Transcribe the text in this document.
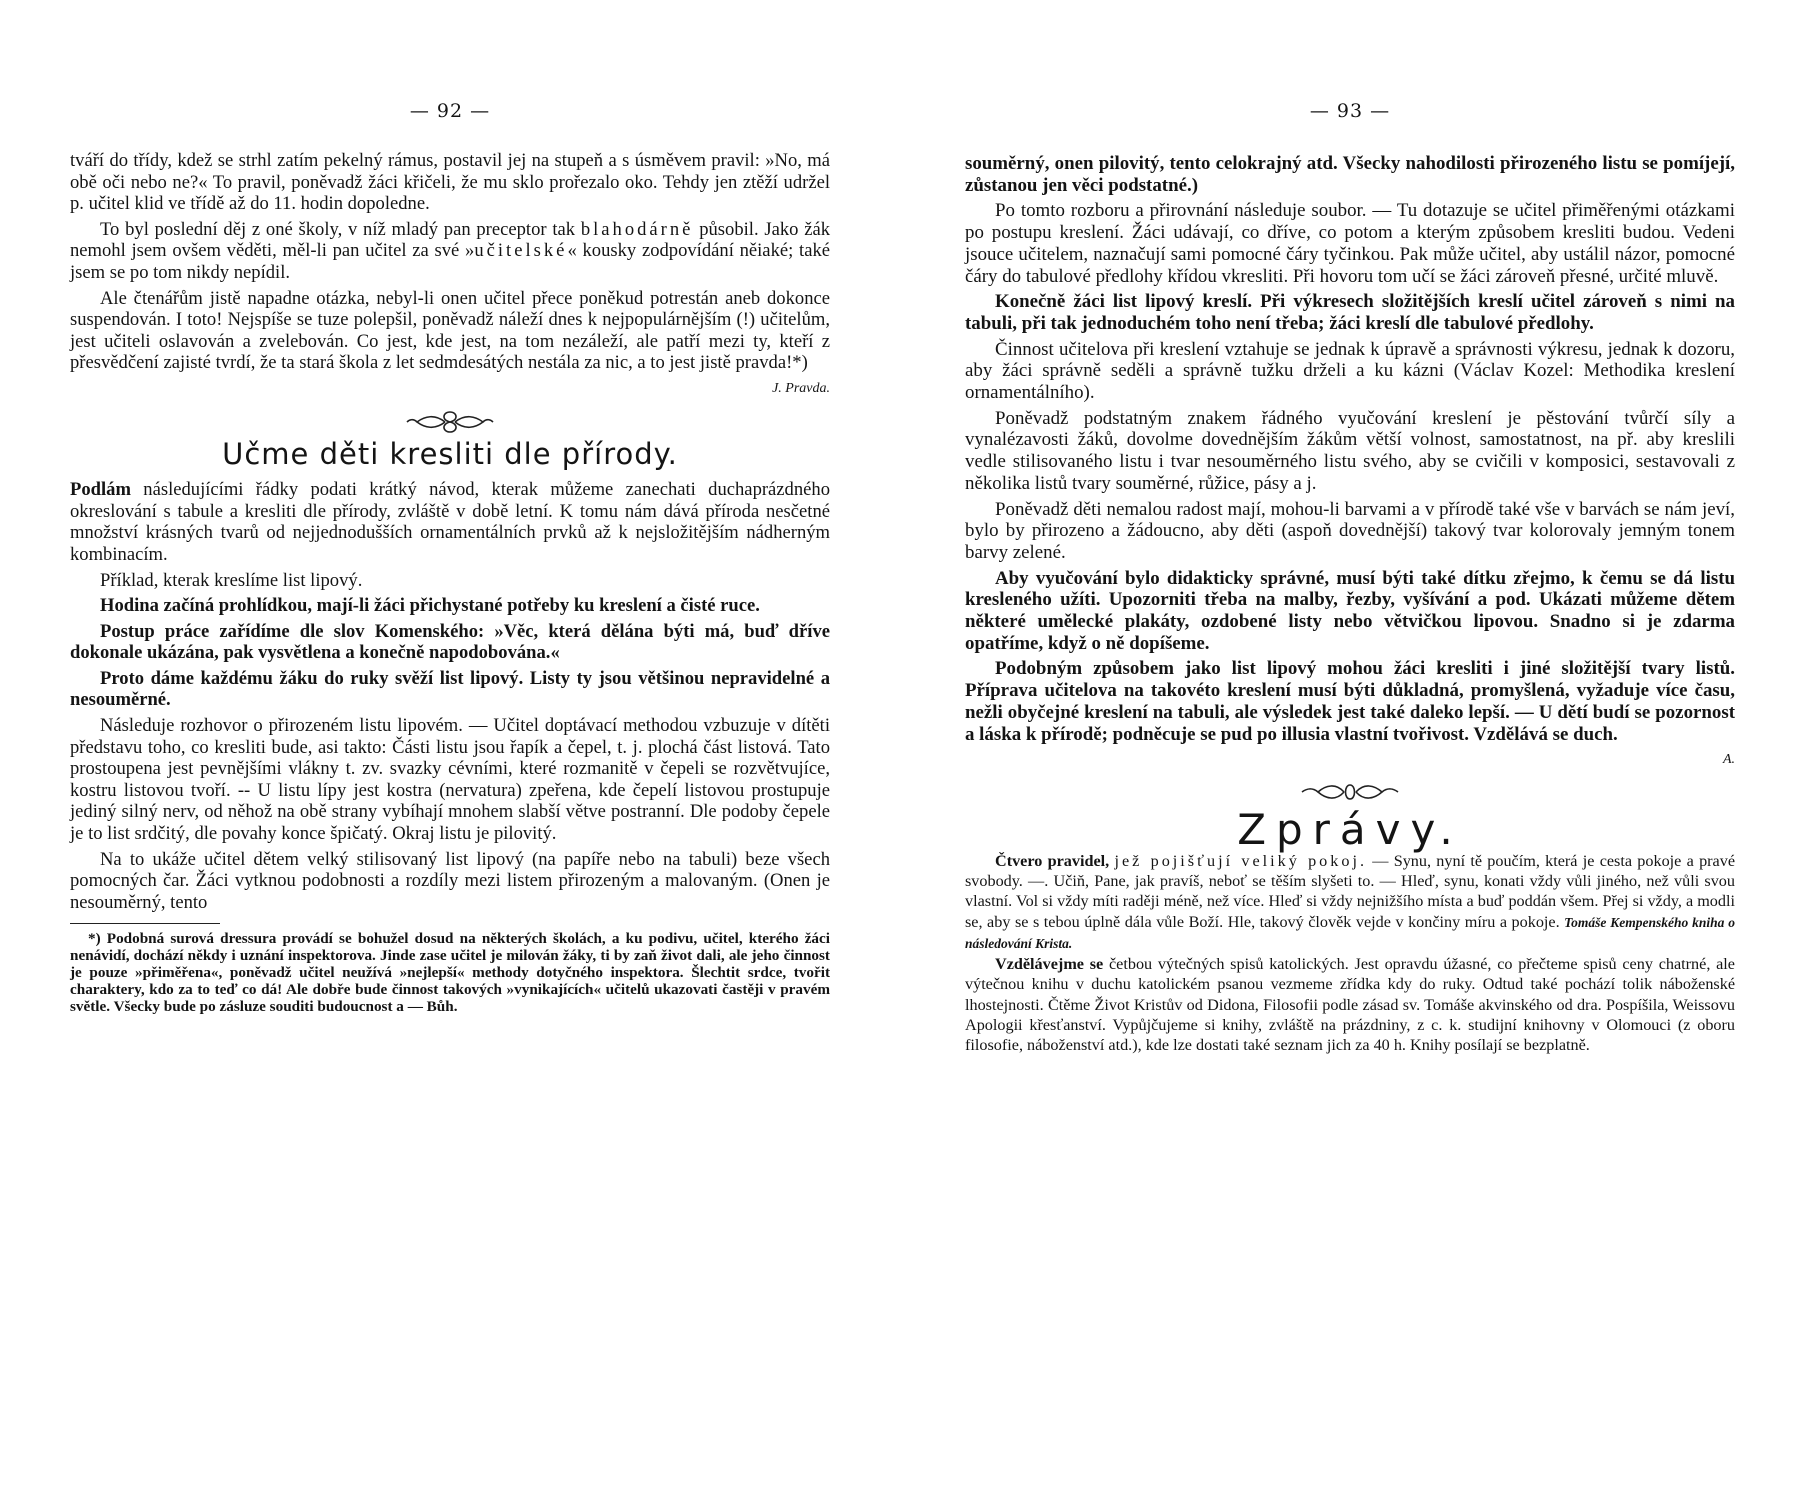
— 92 —

tváří do třídy, kdež se strhl zatím pekelný rámus, postavil jej na stupeň a s úsměvem pravil: »No, má obě oči nebo ne?« To pravil, poněvadž žáci křičeli, že mu sklo prořezalo oko. Tehdy jen ztěží udržel p. učitel klid ve třídě až do 11. hodin dopoledne.

To byl poslední děj z oné školy, v níž mladý pan preceptor tak blahodárně působil. Jako žák nemohl jsem ovšem věděti, měl-li pan učitel za své »učitelské« kousky zodpovídání něiaké; také jsem se po tom nikdy nepídil.

Ale čtenářům jistě napadne otázka, nebyl-li onen učitel přece poněkud potrestán aneb dokonce suspendován. I toto! Nejspíše se tuze polepšil, poněvadž náleží dnes k nejpopulárnějším (!) učitelům, jest učiteli oslavován a zvelebován. Co jest, kde jest, na tom nezáleží, ale patří mezi ty, kteří z přesvědčení zajisté tvrdí, že ta stará škola z let sedmdesátých nestála za nic, a to jest jistě pravda!*)

J. Pravda.
Učme děti kresliti dle přírody.

Podlám následujícími řádky podati krátký návod, kterak můžeme zanechati duchaprázdného okreslování s tabule a kresliti dle přírody, zvláště v době letní. K tomu nám dává příroda nesčetné množství krásných tvarů od nejjednodušších ornamentálních prvků až k nejsložitějším nádherným kombinacím.

Příklad, kterak kreslíme list lipový.

Hodina začíná prohlídkou, mají-li žáci přichystané potřeby ku kreslení a čisté ruce.

Postup práce zařídíme dle slov Komenského: »Věc, která dělána býti má, buď dříve dokonale ukázána, pak vysvětlena a konečně napodobována.«

Proto dáme každému žáku do ruky svěží list lipový. Listy ty jsou většinou nepravidelné a nesouměrné.

Následuje rozhovor o přirozeném listu lipovém. — Učitel doptávací methodou vzbuzuje v dítěti představu toho, co kresliti bude, asi takto: Části listu jsou řapík a čepel, t. j. plochá část listová. Tato prostoupena jest pevnějšími vlákny t. zv. svazky cévními, které rozmanitě v čepeli se rozvětvujíce, kostru listovou tvoří. -- U listu lípy jest kostra (nervatura) zpeřena, kde čepelí listovou prostupuje jediný silný nerv, od něhož na obě strany vybíhají mnohem slabší větve postranní. Dle podoby čepele je to list srdčitý, dle povahy konce špičatý. Okraj listu je pilovitý.

Na to ukáže učitel dětem velký stilisovaný list lipový (na papíře nebo na tabuli) beze všech pomocných čar. Žáci vytknou podobnosti a rozdíly mezi listem přirozeným a malovaným. (Onen je nesouměrný, tento

*) Podobná surová dressura provádí se bohužel dosud na některých školách, a ku podivu, učitel, kterého žáci nenávidí, dochází někdy i uznání inspektorova. Jinde zase učitel je milován žáky, ti by zaň život dali, ale jeho činnost je pouze »přiměřena«, poněvadž učitel neužívá »nejlepší« methody dotyčného inspektora. Šlechtit srdce, tvořit charaktery, kdo za to teď co dá! Ale dobře bude činnost takových »vynikajících« učitelů ukazovati častěji v pravém světle. Všecky bude po zásluze souditi budoucnost a — Bůh.

— 93 —

souměrný, onen pilovitý, tento celokrajný atd. Všecky nahodilosti přirozeného listu se pomíjejí, zůstanou jen věci podstatné.)

Po tomto rozboru a přirovnání následuje soubor. — Tu dotazuje se učitel přiměřenými otázkami po postupu kreslení. Žáci udávají, co dříve, co potom a kterým způsobem kresliti budou. Vedeni jsouce učitelem, naznačují sami pomocné čáry tyčinkou. Pak může učitel, aby ustálil názor, pomocné čáry do tabulové předlohy křídou vkresliti. Při hovoru tom učí se žáci zároveň přesné, určité mluvě.

Konečně žáci list lipový kreslí. Při výkresech složitějších kreslí učitel zároveň s nimi na tabuli, při tak jednoduchém toho není třeba; žáci kreslí dle tabulové předlohy.

Činnost učitelova při kreslení vztahuje se jednak k úpravě a správnosti výkresu, jednak k dozoru, aby žáci správně seděli a správně tužku drželi a ku kázni (Václav Kozel: Methodika kreslení ornamentálního).

Poněvadž podstatným znakem řádného vyučování kreslení je pěstování tvůrčí síly a vynalézavosti žáků, dovolme dovednějším žákům větší volnost, samostatnost, na př. aby kreslili vedle stilisovaného listu i tvar nesouměrného listu svého, aby se cvičili v komposici, sestavovali z několika listů tvary souměrné, růžice, pásy a j.

Poněvadž děti nemalou radost mají, mohou-li barvami a v přírodě také vše v barvách se nám jeví, bylo by přirozeno a žádoucno, aby děti (aspoň dovednější) takový tvar kolorovaly jemným tonem barvy zelené.

Aby vyučování bylo didakticky správné, musí býti také dítku zřejmo, k čemu se dá listu kresleného užíti. Upozorniti třeba na malby, řezby, vyšívání a pod. Ukázati můžeme dětem některé umělecké plakáty, ozdobené listy nebo větvičkou lipovou. Snadno si je zdarma opatříme, když o ně dopíšeme.

Podobným způsobem jako list lipový mohou žáci kresliti i jiné složitější tvary listů. Příprava učitelova na takovéto kreslení musí býti důkladná, promyšlená, vyžaduje více času, nežli obyčejné kreslení na tabuli, ale výsledek jest také daleko lepší. — U dětí budí se pozornost a láska k přírodě; podněcuje se pud po illusia vlastní tvořivost. Vzdělává se duch.

A.
Zprávy.

Čtvero pravidel, jež pojišťují veliký pokoj. — Synu, nyní tě poučím, která je cesta pokoje a pravé svobody. —. Učiň, Pane, jak pravíš, neboť se těším slyšeti to. — Hleď, synu, konati vždy vůli jiného, než vůli svou vlastní. Vol si vždy míti raději méně, než více. Hleď si vždy nejnižšího místa a buď poddán všem. Přej si vždy, a modli se, aby se s tebou úplně dála vůle Boží. Hle, takový člověk vejde v končiny míru a pokoje. Tomáše Kempenského kniha o následování Krista.

Vzdělávejme se četbou výtečných spisů katolických. Jest opravdu úžasné, co přečteme spisů ceny chatrné, ale výtečnou knihu v duchu katolickém psanou vezmeme zřídka kdy do ruky. Odtud také pochází tolik náboženské lhostejnosti. Čtěme Život Kristův od Didona, Filosofii podle zásad sv. Tomáše akvinského od dra. Pospíšila, Weissovu Apologii křesťanství. Vypůjčujeme si knihy, zvláště na prázdniny, z c. k. studijní knihovny v Olomouci (z oboru filosofie, náboženství atd.), kde lze dostati také seznam jich za 40 h. Knihy posílají se bezplatně.
